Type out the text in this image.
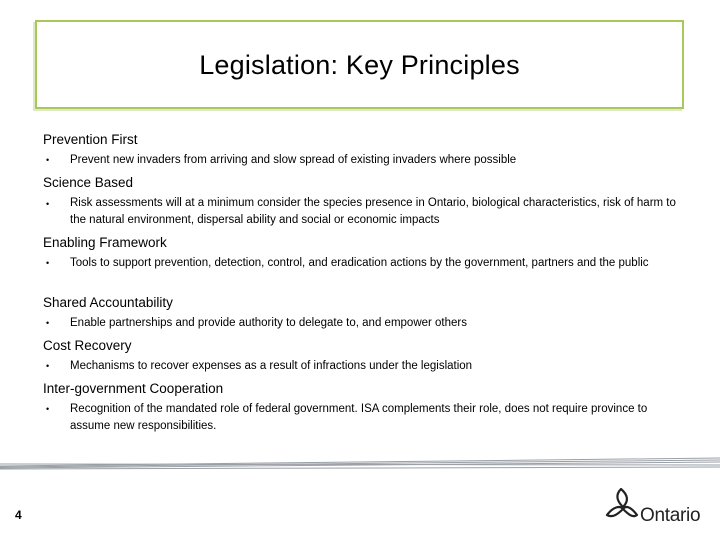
Legislation: Key Principles
Prevention First
•	Prevent new invaders from arriving and slow spread of existing invaders where possible
Science Based
•	Risk assessments will at a minimum consider the species presence in Ontario, biological characteristics, risk of harm to the natural environment, dispersal ability and social or economic impacts
Enabling Framework
•	Tools to support prevention, detection, control, and eradication actions by the government, partners and the public
Shared Accountability
•	Enable partnerships and provide authority to delegate to, and empower others
Cost Recovery
•	Mechanisms to recover expenses as a result of infractions under the legislation
Inter-government Cooperation
•	Recognition of the mandated role of federal government. ISA complements their role, does not require province to assume new responsibilities.
4	Ontario
